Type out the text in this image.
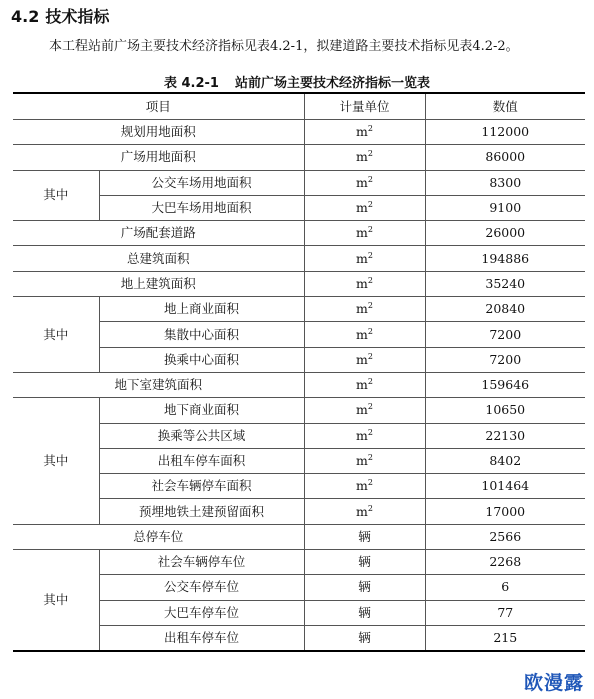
4.2 技术指标

本工程站前广场主要技术经济指标见表4.2-1，拟建道路主要技术指标见表4.2-2。

表 4.2-1 站前广场主要技术经济指标一览表

项目		计量单位	数值
规划用地面积		$m^2$	112000
广场用地面积		$m^2$	86000
其中	公交车场用地面积	$m^2$	8300
	大巴车场用地面积	$m^2$	9100
广场配套道路		$m^2$	26000
总建筑面积		$m^2$	194886
地上建筑面积		$m^2$	35240
其中	地上商业面积	$m^2$	20840
	集散中心面积	$m^2$	7200
	换乘中心面积	$m^2$	7200
地下室建筑面积		$m^2$	159646
其中	地下商业面积	$m^2$	10650
	换乘等公共区域	$m^2$	22130
	出租车停车面积	$m^2$	8402
	社会车辆停车面积	$m^2$	101464
	预埋地铁土建预留面积	$m^2$	17000
总停车位		辆	2566
其中	社会车辆停车位	辆	2268
	公交车停车位	辆	6
	大巴车停车位	辆	77
	出租车停车位	辆	215
欧漫露
